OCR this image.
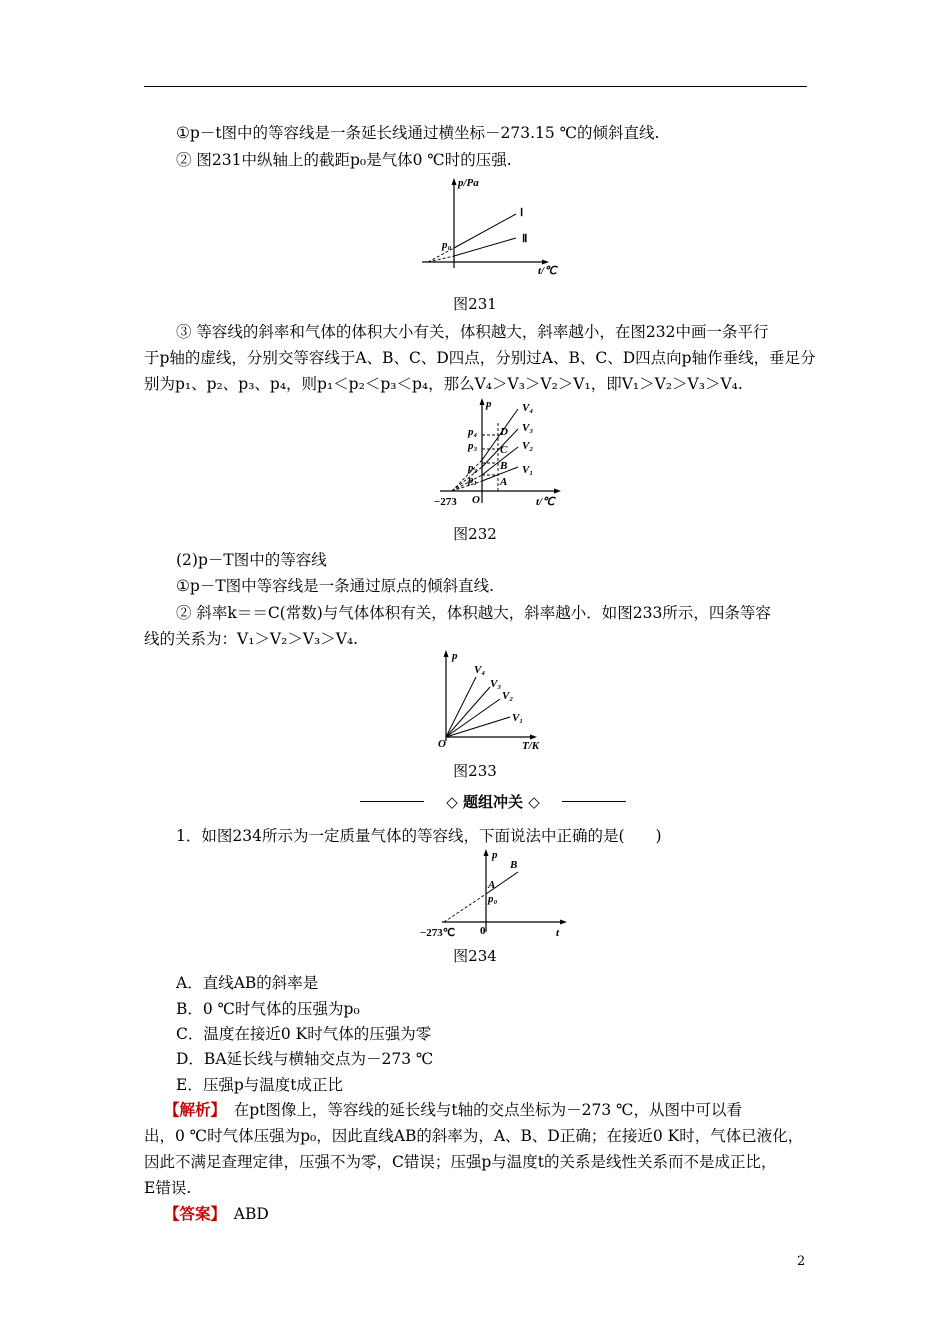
①p－t图中的等容线是一条延长线通过横坐标－273.15 ℃的倾斜直线.
② 图231中纵轴上的截距p₀是气体0 ℃时的压强.
p/Pa
t/℃
p₀
Ⅰ
Ⅱ
图231
③ 等容线的斜率和气体的体积大小有关，体积越大，斜率越小，在图232中画一条平行
于p轴的虚线，分别交等容线于A、B、C、D四点，分别过A、B、C、D四点向p轴作垂线，垂足分
别为p₁、p₂、p₃、p₄，则p₁＜p₂＜p₃＜p₄，那么V₄＞V₃＞V₂＞V₁，即V₁＞V₂＞V₃＞V₄.
p
t/℃
−273 O
V₄
V₃
V₂
V₁
p₄
p₃
p₂
p₁
D
C
B
A
图232
(2)p－T图中的等容线
①p－T图中等容线是一条通过原点的倾斜直线.
② 斜率k＝＝C(常数)与气体体积有关，体积越大，斜率越小．如图233所示，四条等容
线的关系为：V₁＞V₂＞V₃＞V₄.
p
T/K
O
V₄
V₃
V₂
V₁
图233
◇ 题组冲关 ◇
1．如图234所示为一定质量气体的等容线，下面说法中正确的是(　　)
p
t
−273℃ 0
A
B
p₀
图234
A．直线AB的斜率是
B．0 ℃时气体的压强为p₀
C．温度在接近0 K时气体的压强为零
D．BA延长线与横轴交点为－273 ℃
E．压强p与温度t成正比
【解析】　在pt图像上，等容线的延长线与t轴的交点坐标为－273 ℃，从图中可以看
出，0 ℃时气体压强为p₀，因此直线AB的斜率为，A、B、D正确；在接近0 K时，气体已液化，
因此不满足查理定律，压强不为零，C错误；压强p与温度t的关系是线性关系而不是成正比，
E错误.
【答案】　ABD
2
